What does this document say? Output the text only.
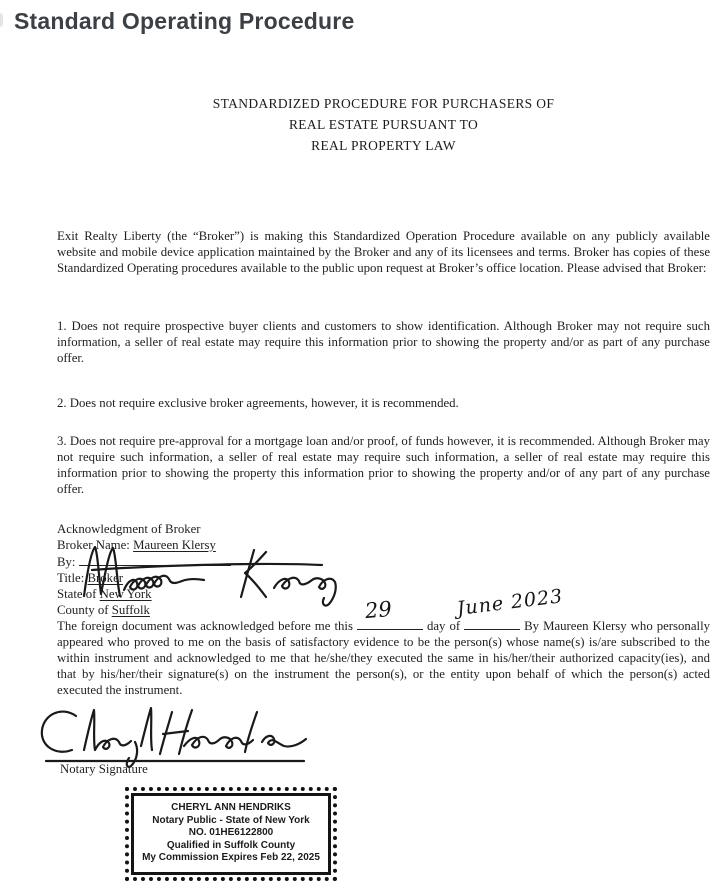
Standard Operating Procedure
STANDARDIZED PROCEDURE FOR PURCHASERS OF
REAL ESTATE PURSUANT TO
REAL PROPERTY LAW

Exit Realty Liberty (the “Broker”) is making this Standardized Operation Procedure available on any publicly available website and mobile device application maintained by the Broker and any of its licensees and terms. Broker has copies of these Standardized Operating procedures available to the public upon request at Broker’s office location. Please advised that Broker:

1. Does not require prospective buyer clients and customers to show identification. Although Broker may not require such information, a seller of real estate may require this information prior to showing the property and/or as part of any purchase offer.

2. Does not require exclusive broker agreements, however, it is recommended.

3. Does not require pre-approval for a mortgage loan and/or proof, of funds however, it is recommended. Although Broker may not require such information, a seller of real estate may require such information, a seller of real estate may require this information prior to showing the property this information prior to showing the property and/or of any part of any purchase offer.

Acknowledgment of Broker
Broker Name: Maureen Klersy
By:
Title: Broker
State of New York
County of Suffolk

The foreign document was acknowledged before me this
29
day of
June 2023
By Maureen Klersy who personally appeared who proved to me on the basis of satisfactory evidence to be the person(s) whose name(s) is/are subscribed to the within instrument and acknowledged to me that he/she/they executed the same in his/her/their authorized capacity(ies), and that by his/her/their signature(s) on the instrument the person(s), or the entity upon behalf of which the person(s) acted executed the instrument.

Notary Signature
CHERYL ANN HENDRIKS
Notary Public - State of New York
NO. 01HE6122800
Qualified in Suffolk County
My Commission Expires Feb 22, 2025
